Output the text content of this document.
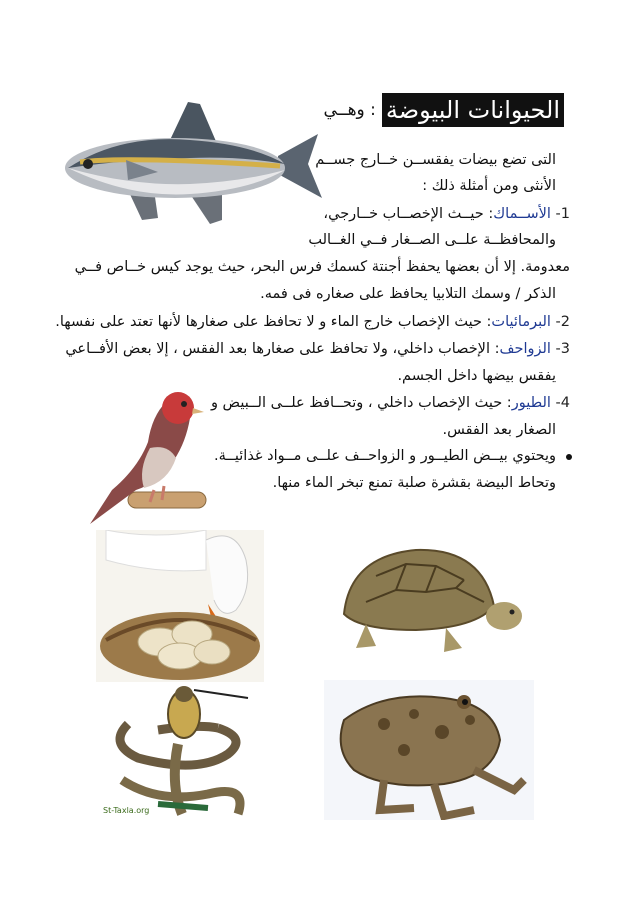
الحيوانات البيوضة
: وهــي
التى تضع بيضات يفقســن خــارج جســم
الأنثى ومن أمثلة ذلك :
1- الأســماك: حيــث الإخصــاب خــارجي،
والمحافظــة علــى الصــغار فــي الغــالب
معدومة. إلا أن بعضها يحفظ أجنتة كسمك فرس البحر، حيث يوجد كيس خــاص فــي
الذكر / وسمك التلابيا يحافظ على صغاره فى فمه.
2- البرمائيات: حيث الإخصاب خارج الماء و لا تحافظ على صغارها لأنها تعتد على نفسها.
3- الزواحف: الإخصاب داخلي، ولا تحافظ على صغارها بعد الفقس ، إلا بعض الأفــاعي
يفقس بيضها داخل الجسم.
4- الطيور: حيث الإخصاب داخلي ، وتحــافظ علــى الــبيض و
الصغار بعد الفقس.
ويحتوي بيــض الطيــور و الزواحــف علــى مــواد غذائيــة.
وتحاط البيضة بقشرة صلبة تمنع تبخر الماء منها.
St-Taxla.org
